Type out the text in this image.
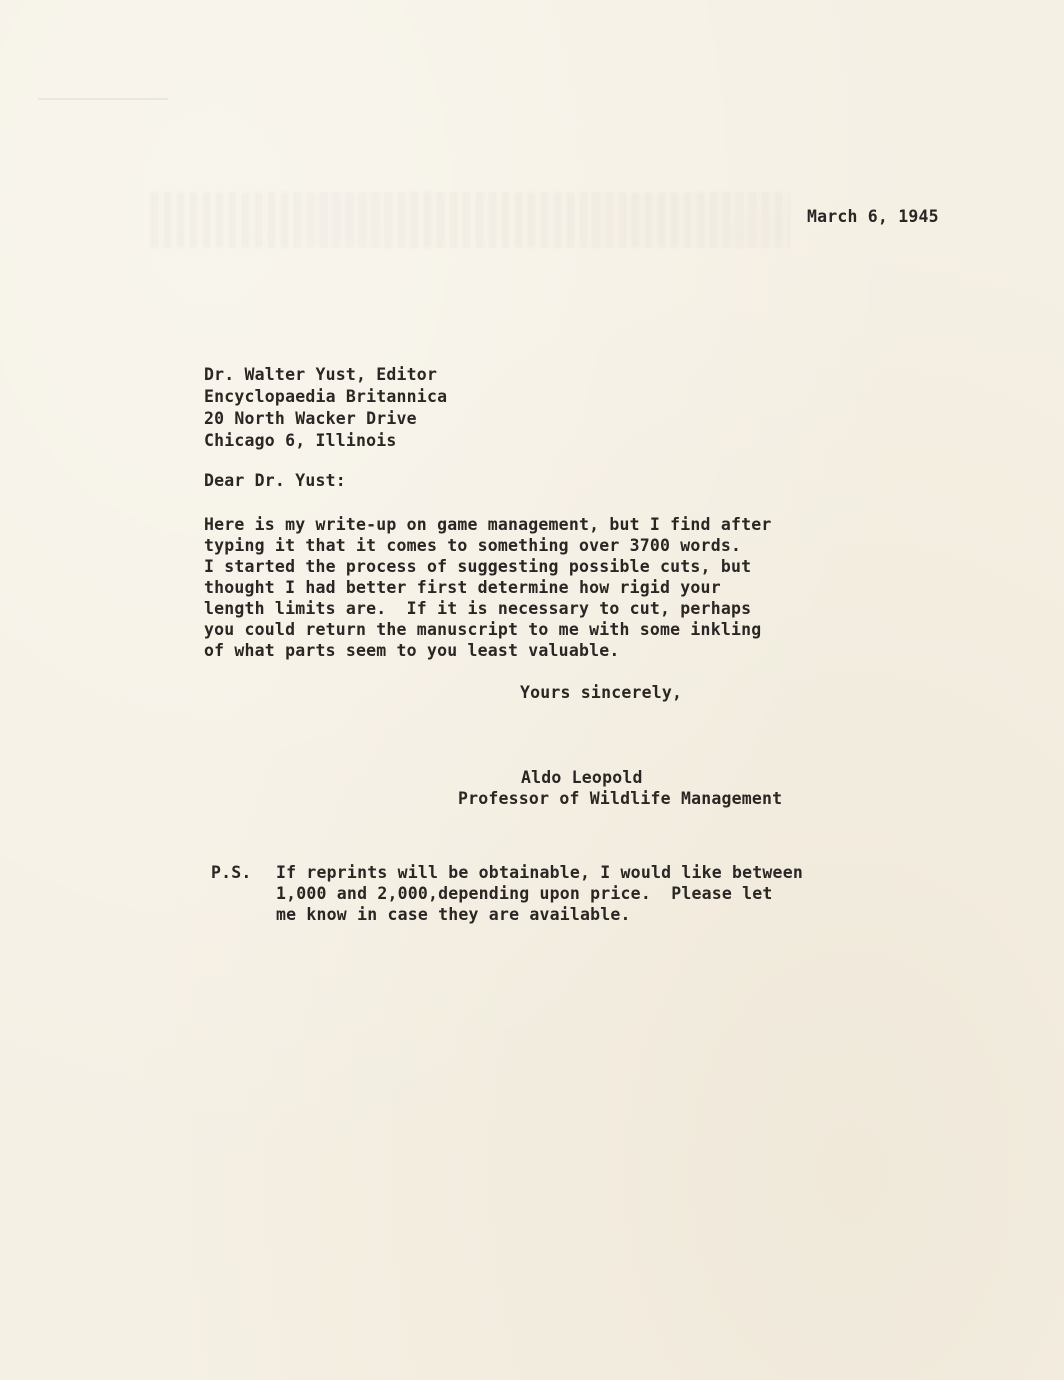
March 6, 1945
Dr. Walter Yust, Editor
Encyclopaedia Britannica
20 North Wacker Drive
Chicago 6, Illinois
Dear Dr. Yust:
Here is my write-up on game management, but I find after
typing it that it comes to something over 3700 words.
I started the process of suggesting possible cuts, but
thought I had better first determine how rigid your
length limits are.  If it is necessary to cut, perhaps
you could return the manuscript to me with some inkling
of what parts seem to you least valuable.
Yours sincerely,
Aldo Leopold
Professor of Wildlife Management
P.S. If reprints will be obtainable, I would like between
1,000 and 2,000,depending upon price.  Please let
me know in case they are available.
